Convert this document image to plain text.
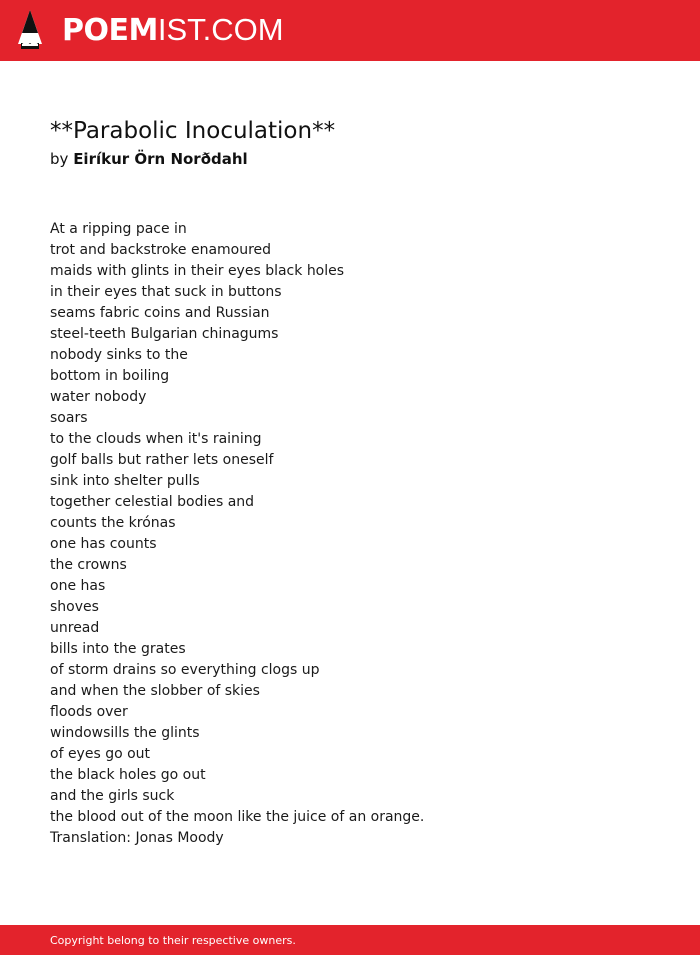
POEMIST.COM
**Parabolic Inoculation**
by Eiríkur Örn Norðdahl
At a ripping pace in
trot and backstroke enamoured
maids with glints in their eyes black holes
in their eyes that suck in buttons
seams fabric coins and Russian
steel-teeth Bulgarian chinagums
nobody sinks to the
bottom in boiling
water nobody
soars
to the clouds when it's raining
golf balls but rather lets oneself
sink into shelter pulls
together celestial bodies and
counts the krónas
one has counts
the crowns
one has
shoves
unread
bills into the grates
of storm drains so everything clogs up
and when the slobber of skies
floods over
windowsills the glints
of eyes go out
the black holes go out
and the girls suck
the blood out of the moon like the juice of an orange.
Translation: Jonas Moody
Copyright belong to their respective owners.
